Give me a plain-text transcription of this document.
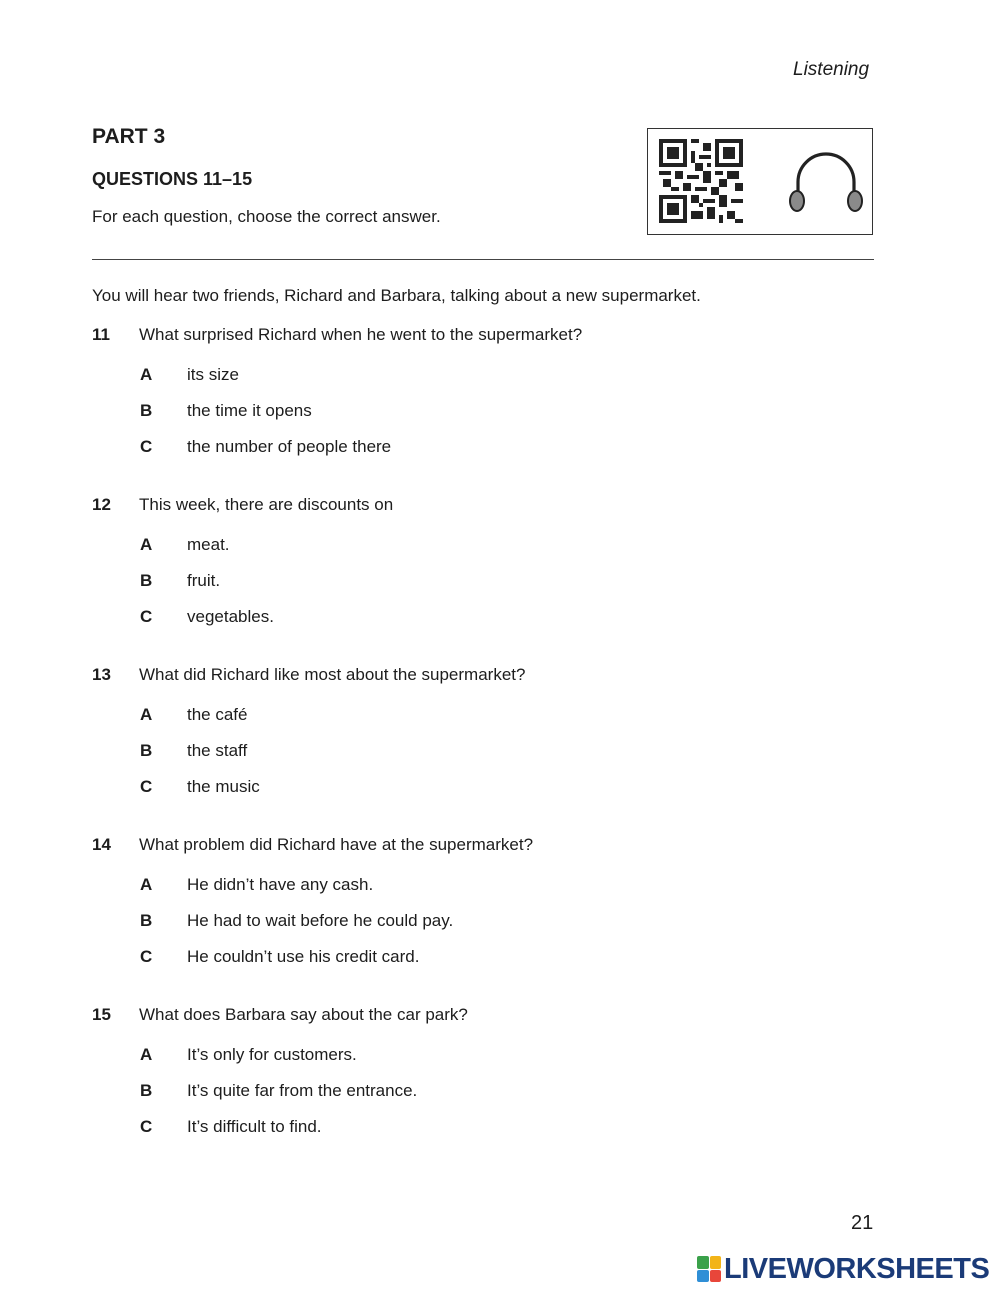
Listening
PART 3
QUESTIONS 11–15
For each question, choose the correct answer.
You will hear two friends, Richard and Barbara, talking about a new supermarket.
11 What surprised Richard when he went to the supermarket?
A its size
B the time it opens
C the number of people there
12 This week, there are discounts on
A meat.
B fruit.
C vegetables.
13 What did Richard like most about the supermarket?
A the café
B the staff
C the music
14 What problem did Richard have at the supermarket?
A He didn’t have any cash.
B He had to wait before he could pay.
C He couldn’t use his credit card.
15 What does Barbara say about the car park?
A It’s only for customers.
B It’s quite far from the entrance.
C It’s difficult to find.
21
LIVEWORKSHEETS
